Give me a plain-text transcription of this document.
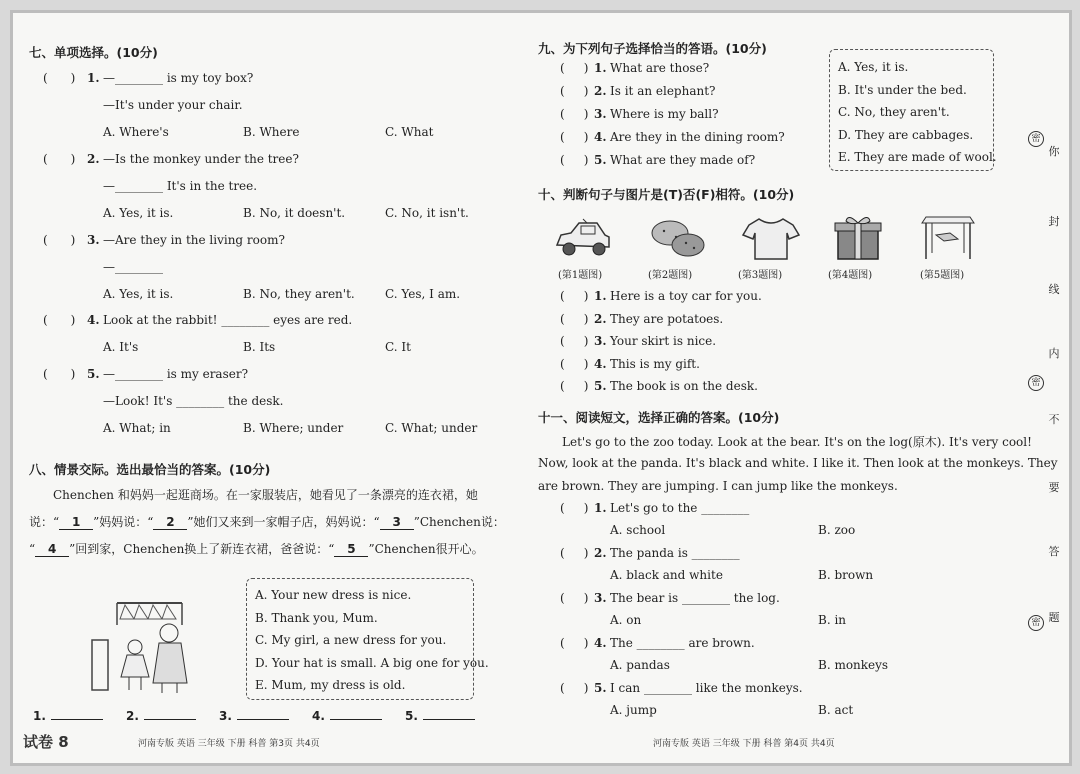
七、单项选择。(10分)
(      ) 1. —________ is my toy box?
—It's under your chair.
A. Where's	B. Where	C. What
(      ) 2. —Is the monkey under the tree?
—________ It's in the tree.
A. Yes, it is.	B. No, it doesn't.	C. No, it isn't.
(      ) 3. —Are they in the living room?
—________
A. Yes, it is.	B. No, they aren't.	C. Yes, I am.
(      ) 4. Look at the rabbit! ________ eyes are red.
A. It's	B. Its	C. It
(      ) 5. —________ is my eraser?
—Look! It's ________ the desk.
A. What; in	B. Where; under	C. What; under
八、情景交际。选出最恰当的答案。(10分)
Chenchen 和妈妈一起逛商场。在一家服装店，她看见了一条漂亮的连衣裙，她
说：“ 1 ”妈妈说：“ 2 ”她们又来到一家帽子店，妈妈说：“ 3 ”Chenchen说：
“ 4 ”回到家，Chenchen换上了新连衣裙，爸爸说：“ 5 ”Chenchen很开心。
A. Your new dress is nice.
B. Thank you, Mum.
C. My girl, a new dress for you.
D. Your hat is small. A big one for you.
E. Mum, my dress is old.
1.	2.	3.	4.	5.
九、为下列句子选择恰当的答语。(10分)
(     ) 1. What are those?
(     ) 2. Is it an elephant?
(     ) 3. Where is my ball?
(     ) 4. Are they in the dining room?
(     ) 5. What are they made of?
A. Yes, it is.
B. It's under the bed.
C. No, they aren't.
D. They are cabbages.
E. They are made of wool.
十、判断句子与图片是(T)否(F)相符。(10分)
(第1题图)	(第2题图)	(第3题图)	(第4题图)	(第5题图)
(     ) 1. Here is a toy car for you.
(     ) 2. They are potatoes.
(     ) 3. Your skirt is nice.
(     ) 4. This is my gift.
(     ) 5. The book is on the desk.
十一、阅读短文，选择正确的答案。(10分)
Let's go to the zoo today. Look at the bear. It's on the log(原木). It's very cool!
Now, look at the panda. It's black and white. I like it. Then look at the monkeys. They
are brown. They are jumping. I can jump like the monkeys.
(     ) 1. Let's go to the ________
A. school	B. zoo
(     ) 2. The panda is ________
A. black and white	B. brown
(     ) 3. The bear is ________ the log.
A. on	B. in
(     ) 4. The ________ are brown.
A. pandas	B. monkeys
(     ) 5. I can ________ like the monkeys.
A. jump	B. act
你
封
线
内
不
要
答
题
密
密
密
试卷 8	河南专版 英语 三年级 下册 科普 第3页 共4页	河南专版 英语 三年级 下册 科普 第4页 共4页
